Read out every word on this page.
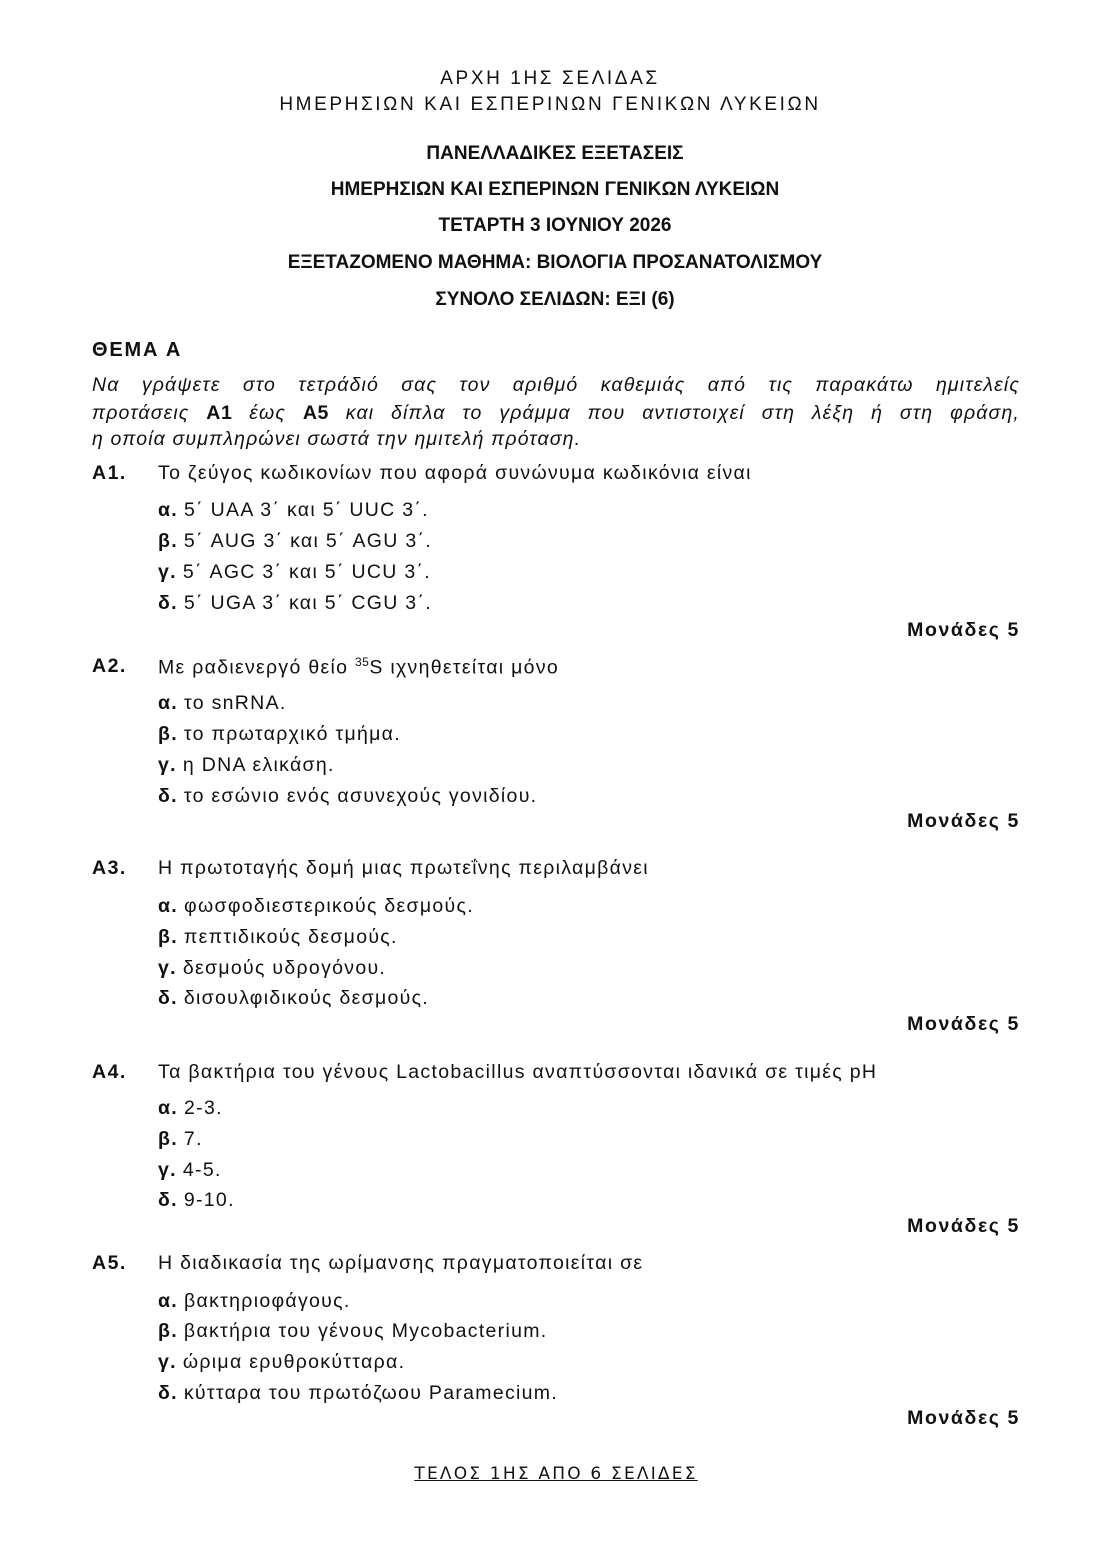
ΑΡΧΗ 1ΗΣ ΣΕΛΙΔΑΣ
ΗΜΕΡΗΣΙΩΝ ΚΑΙ ΕΣΠΕΡΙΝΩΝ ΓΕΝΙΚΩΝ ΛΥΚΕΙΩΝ
ΠΑΝΕΛΛΑΔΙΚΕΣ ΕΞΕΤΑΣΕΙΣ
ΗΜΕΡΗΣΙΩΝ ΚΑΙ ΕΣΠΕΡΙΝΩΝ ΓΕΝΙΚΩΝ ΛΥΚΕΙΩΝ
ΤΕΤΑΡΤΗ 3 ΙΟΥΝΙΟΥ 2026
ΕΞΕΤΑΖΟΜΕΝΟ ΜΑΘΗΜΑ: ΒΙΟΛΟΓΙΑ ΠΡΟΣΑΝΑΤΟΛΙΣΜΟΥ
ΣΥΝΟΛΟ ΣΕΛΙΔΩΝ: ΕΞΙ (6)
ΘΕΜΑ Α
Να γράψετε στο τετράδιό σας τον αριθμό καθεμιάς από τις παρακάτω ημιτελείς
προτάσεις Α1 έως Α5 και δίπλα το γράμμα που αντιστοιχεί στη λέξη ή στη φράση,
η οποία συμπληρώνει σωστά την ημιτελή πρόταση.
Α1. Το ζεύγος κωδικονίων που αφορά συνώνυμα κωδικόνια είναι
α. 5΄ UAA 3΄ και 5΄ UUC 3΄.
β. 5΄ AUG 3΄ και 5΄ AGU 3΄.
γ. 5΄ AGC 3΄ και 5΄ UCU 3΄.
δ. 5΄ UGA 3΄ και 5΄ CGU 3΄.
Μονάδες 5
Α2. Με ραδιενεργό θείο $^{35}$S ιχνηθετείται μόνο
α. το snRNA.
β. το πρωταρχικό τμήμα.
γ. η DNA ελικάση.
δ. το εσώνιο ενός ασυνεχούς γονιδίου.
Μονάδες 5
Α3. Η πρωτοταγής δομή μιας πρωτεΐνης περιλαμβάνει
α. φωσφοδιεστερικούς δεσμούς.
β. πεπτιδικούς δεσμούς.
γ. δεσμούς υδρογόνου.
δ. δισουλφιδικούς δεσμούς.
Μονάδες 5
Α4. Τα βακτήρια του γένους Lactobacillus αναπτύσσονται ιδανικά σε τιμές pH
α. 2-3.
β. 7.
γ. 4-5.
δ. 9-10.
Μονάδες 5
Α5. Η διαδικασία της ωρίμανσης πραγματοποιείται σε
α. βακτηριοφάγους.
β. βακτήρια του γένους Mycobacterium.
γ. ώριμα ερυθροκύτταρα.
δ. κύτταρα του πρωτόζωου Paramecium.
Μονάδες 5
ΤΕΛΟΣ 1ΗΣ ΑΠΟ 6 ΣΕΛΙΔΕΣ
